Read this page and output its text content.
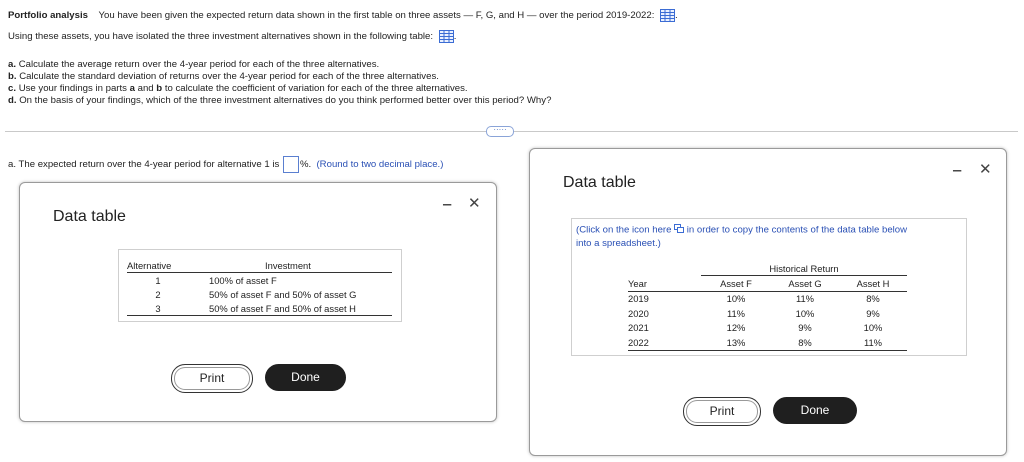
Portfolio analysis You have been given the expected return data shown in the first table on three assets — F, G, and H — over the period 2019-2022: .
Using these assets, you have isolated the three investment alternatives shown in the following table: .
a. Calculate the average return over the 4-year period for each of the three alternatives.
b. Calculate the standard deviation of returns over the 4-year period for each of the three alternatives.
c. Use your findings in parts a and b to calculate the coefficient of variation for each of the three alternatives.
d. On the basis of your findings, which of the three investment alternatives do you think performed better over this period? Why?
·····
a. The expected return over the 4-year period for alternative 1 is %. (Round to two decimal place.)
Data table
‒ ✕
Alternative	Investment
1	100% of asset F
2	50% of asset F and 50% of asset G
3	50% of asset F and 50% of asset H
Print	Done
Data table
‒ ✕
(Click on the icon here in order to copy the contents of the data table below
into a spreadsheet.)
	Historical Return		
Year	Asset F	Asset G	Asset H
2019	10%	11%	8%
2020	11%	10%	9%
2021	12%	9%	10%
2022	13%	8%	11%
Print	Done
